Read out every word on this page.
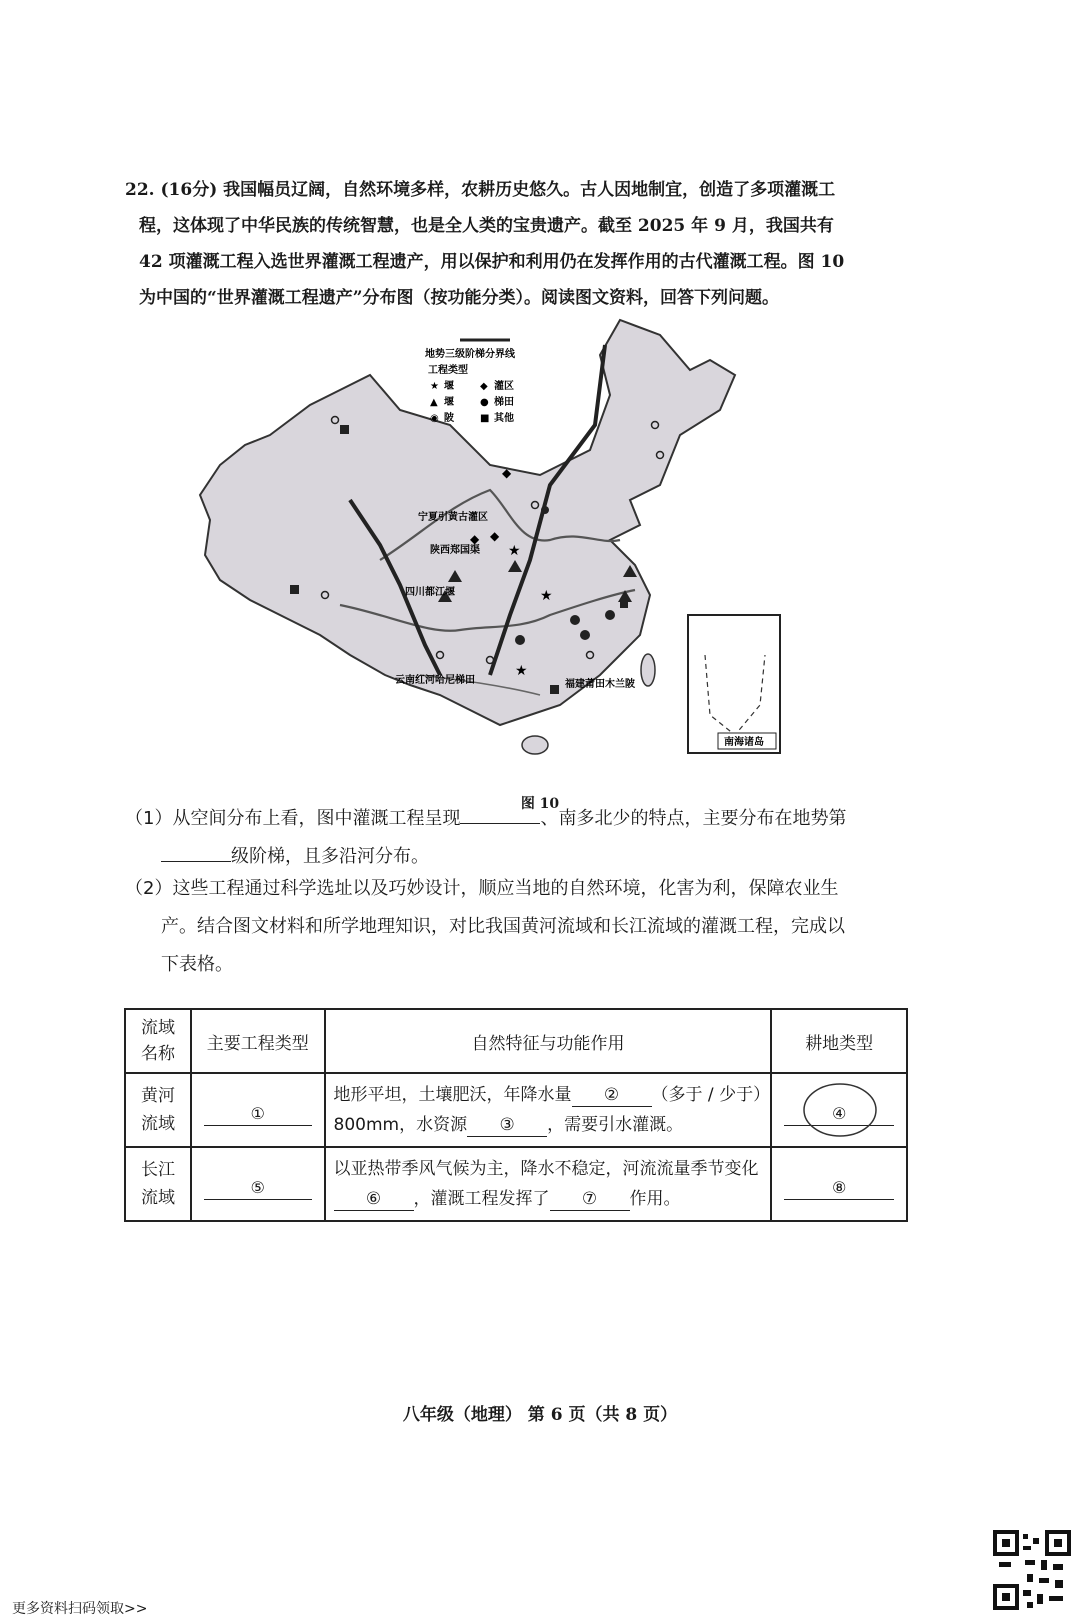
22. (16分) 我国幅员辽阔，自然环境多样，农耕历史悠久。古人因地制宜，创造了多项灌溉工
程，这体现了中华民族的传统智慧，也是全人类的宝贵遗产。截至 2025 年 9 月，我国共有
42 项灌溉工程入选世界灌溉工程遗产，用以保护和利用仍在发挥作用的古代灌溉工程。图 10
为中国的“世界灌溉工程遗产”分布图（按功能分类）。阅读图文资料，回答下列问题。
地势三级阶梯分界线
工程类型
★ 堰	◆ 灌区
▲ 堰	● 梯田
◉ 陂	■ 其他
★
★
★
◆
◆ ◆
宁夏引黄古灌区
陕西郑国渠
四川都江堰
云南红河哈尼梯田	福建莆田木兰陂
南海诸岛
图 10
（1）从空间分布上看，图中灌溉工程呈现	、南多北少的特点，主要分布在地势第
级阶梯，且多沿河分布。
（2）这些工程通过科学选址以及巧妙设计，顺应当地的自然环境，化害为利，保障农业生
产。结合图文材料和所学地理知识，对比我国黄河流域和长江流域的灌溉工程，完成以
下表格。
流域名称	主要工程类型	自然特征与功能作用	耕地类型
黄河流域	①	地形平坦，土壤肥沃，年降水量 ② （多于 / 少于）800mm，水资源 ③ ，需要引水灌溉。	④

长江流域	⑤	以亚热带季风气候为主，降水不稳定，河流流量季节变化⑥ ，灌溉工程发挥了 ⑦ 作用。	⑧
八年级（地理） 第 6 页（共 8 页）
更多资料扫码领取>>
